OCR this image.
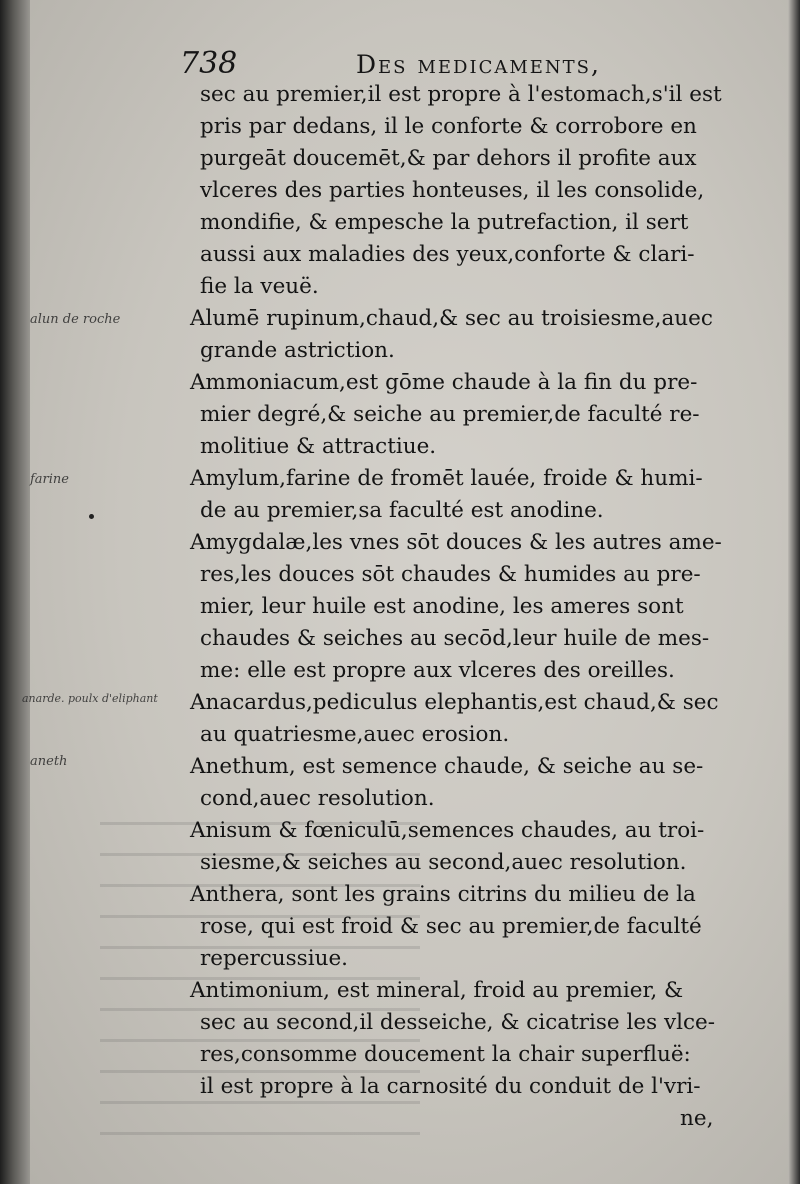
738	Des medicaments,
alun de roche
farine
anarde. poulx d'eliphant
aneth
sec au premier,il est propre à l'estomach,s'il est
pris par dedans, il le conforte & corrobore en
purgeāt doucemēt,& par dehors il profite aux
vlceres des parties honteuses, il les consolide,
mondifie, & empesche la putrefaction, il sert
aussi aux maladies des yeux,conforte & clari-
fie la veuë.
Alumē rupinum,chaud,& sec au troisiesme,auec
grande astriction.
Ammoniacum,est gōme chaude à la fin du pre-
mier degré,& seiche au premier,de faculté re-
molitiue & attractiue.
Amylum,farine de fromēt lauée, froide & humi-
de au premier,sa faculté est anodine.
Amygdalæ,les vnes sōt douces & les autres ame-
res,les douces sōt chaudes & humides au pre-
mier, leur huile est anodine, les ameres sont
chaudes & seiches au secōd,leur huile de mes-
me: elle est propre aux vlceres des oreilles.
Anacardus,pediculus elephantis,est chaud,& sec
au quatriesme,auec erosion.
Anethum, est semence chaude, & seiche au se-
cond,auec resolution.
Anisum & fœniculū,semences chaudes, au troi-
siesme,& seiches au second,auec resolution.
Anthera, sont les grains citrins du milieu de la
rose, qui est froid & sec au premier,de faculté
repercussiue.
Antimonium, est mineral, froid au premier, &
sec au second,il desseiche, & cicatrise les vlce-
res,consomme doucement la chair superfluë:
il est propre à la carnosité du conduit de l'vri-
ne,
